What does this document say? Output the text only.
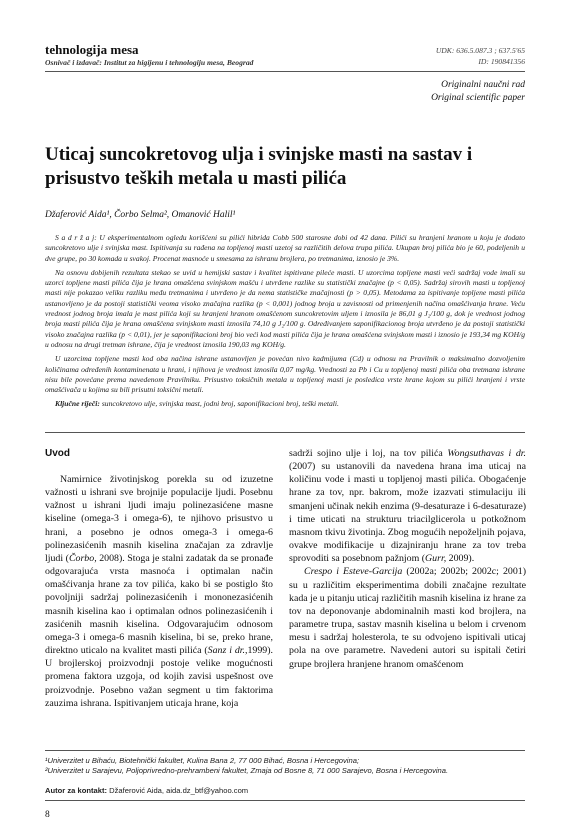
tehnologija mesa
Osnivač i izdavač: Institut za higijenu i tehnologiju mesa, Beograd
UDK: 636.5.087.3 ; 637.5'65
ID: 190841356
Originalni naučni rad
Original scientific paper
Uticaj suncokretovog ulja i svinjske masti na sastav i prisustvo teških metala u masti pilića
Džaferović Aida¹, Čorbo Selma², Omanović Halil¹

S a d r ž a j: U eksperimentalnom ogledu korišćeni su pilići hibrida Cobb 500 starosne dobi od 42 dana. Pilići su hranjeni hranom u koju je dodato suncokretovo ulje i svinjska mast. Ispitivanja su rađena na topljenoj masti uzetoj sa različitih delova trupa pilića. Ukupan broj pilića bio je 60, podeljenih u dve grupe, po 30 komada u svakoj. Procenat masnoće u smesama za ishranu brojlera, po tretmanima, iznosio je 3%.

Na osnovu dobijenih rezultata stekao se uvid u hemijski sastav i kvalitet ispitivane pileće masti. U uzorcima topljene masti veći sadržaj vode imali su uzorci topljene masti pilića čija je hrana omašćena svinjskom mašću i utvrđene razlike su statistički značajne (p < 0,05). Sadržaj sirovih masti u topljenoj masti nije pokazao veliku razliku među tretmanima i utvrđeno je da nema statističke značajnosti (p > 0,05). Metodama za ispitivanje topljene masti pilića ustanovljeno je da postoji statistički veoma visoko značajna razlika (p < 0,001) jodnog broja u zavisnosti od primenjenih načina omašćivanja hrane. Veću vrednost jodnog broja imala je mast pilića koji su hranjeni hranom omašćenom suncokretovim uljem i iznosila je 86,01 g J₂/100 g, dok je vrednost jodnog broja masti pilića čija je hrana omašćena svinjskom masti iznosila 74,10 g J₂/100 g. Određivanjem saponifikacionog broja utvrđeno je da postoji statistički visoko značajna razlika (p < 0,01), jer je saponifikacioni broj bio veći kod masti pilića čija je hrana omašćena svinjskom masti i iznosio je 193,34 mg KOH/g u odnosu na drugi tretman ishrane, čija je vrednost iznosila 190,03 mg KOH/g.

U uzorcima topljene masti kod oba načina ishrane ustanovljen je povećan nivo kadmijuma (Cd) u odnosu na Pravilnik o maksimalno dozvoljenim količinama određenih kontaminenata u hrani, i njihova je vrednost iznosila 0,07 mg/kg. Vrednosti za Pb i Cu u topljenoj masti pilića oba tretmana ishrane nisu bile povećane prema navedenom Pravilniku. Prisustvo toksičnih metala u topljenoj masti je posledica vrste hrane kojom su pilići hranjeni i vrste omašćivača u kojima su bili prisutni toksični metali.

Ključne riječi: suncokretovo ulje, svinjska mast, jodni broj, saponifikacioni broj, teški metali.

Uvod

Namirnice životinjskog porekla su od izuzetne važnosti u ishrani sve brojnije populacije ljudi. Posebnu važnost u ishrani ljudi imaju polinezasićene masne kiseline (omega-3 i omega-6), te njihovo prisustvo u hrani, a posebno je odnos omega-3 i omega-6 polinezasićenih masnih kiselina značajan za zdravlje ljudi (Čorbo, 2008). Stoga je stalni zadatak da se pronađe odgovarajuća vrsta masnoća i optimalan način omašćivanja hrane za tov pilića, kako bi se postiglo što povoljniji sadržaj polinezasićenih i mononezasićenih masnih kiselina kao i optimalan odnos polinezasićenih i zasićenih masnih kiselina. Odgovarajućim odnosom omega-3 i omega-6 masnih kiselina, bi se, preko hrane, direktno uticalo na kvalitet masti pilića (Sanz i dr.,1999). U brojlerskoj proizvodnji postoje velike mogućnosti promena faktora uzgoja, od kojih zavisi uspešnost ove proizvodnje. Posebno važan segment u tim faktorima zauzima ishrana. Ispitivanjem uticaja hrane, koja

sadrži sojino ulje i loj, na tov pilića Wongsuthavas i dr. (2007) su ustanovili da navedena hrana ima uticaj na količinu vode i masti u topljenoj masti pilića. Obogaćenje hrane za tov, npr. bakrom, može izazvati stimulaciju ili smanjeni učinak nekih enzima (9-desaturaze i 6-desaturaze) i time uticati na strukturu triacilglicerola u potkožnom masnom tkivu životinja. Zbog mogućih nepoželjnih pojava, ovakve modifikacije u dizajniranju hrane za tov treba sprovoditi sa posebnom pažnjom (Gurr, 2009).

Crespo i Esteve-Garcija (2002a; 2002b; 2002c; 2001) su u različitim eksperimentima dobili značajne rezultate kada je u pitanju uticaj različitih masnih kiselina iz hrane za tov na deponovanje abdominalnih masti kod brojlera, na parametre trupa, sastav masnih kiselina u belom i crvenom mesu i sadržaj holesterola, te su odvojeno ispitivali uticaj pola na ove parametre. Navedeni autori su ispitali četiri grupe brojlera hranjene hranom omašćenom

¹Univerzitet u Bihaću, Biotehnički fakultet, Kulina Bana 2, 77 000 Bihać, Bosna i Hercegovina;

²Univerzitet u Sarajevu, Poljoprivredno-prehrambeni fakultet, Zmaja od Bosne 8, 71 000 Sarajevo, Bosna i Hercegovina.

Autor za kontakt: Džaferović Aida, aida.dz_btf@yahoo.com
8
